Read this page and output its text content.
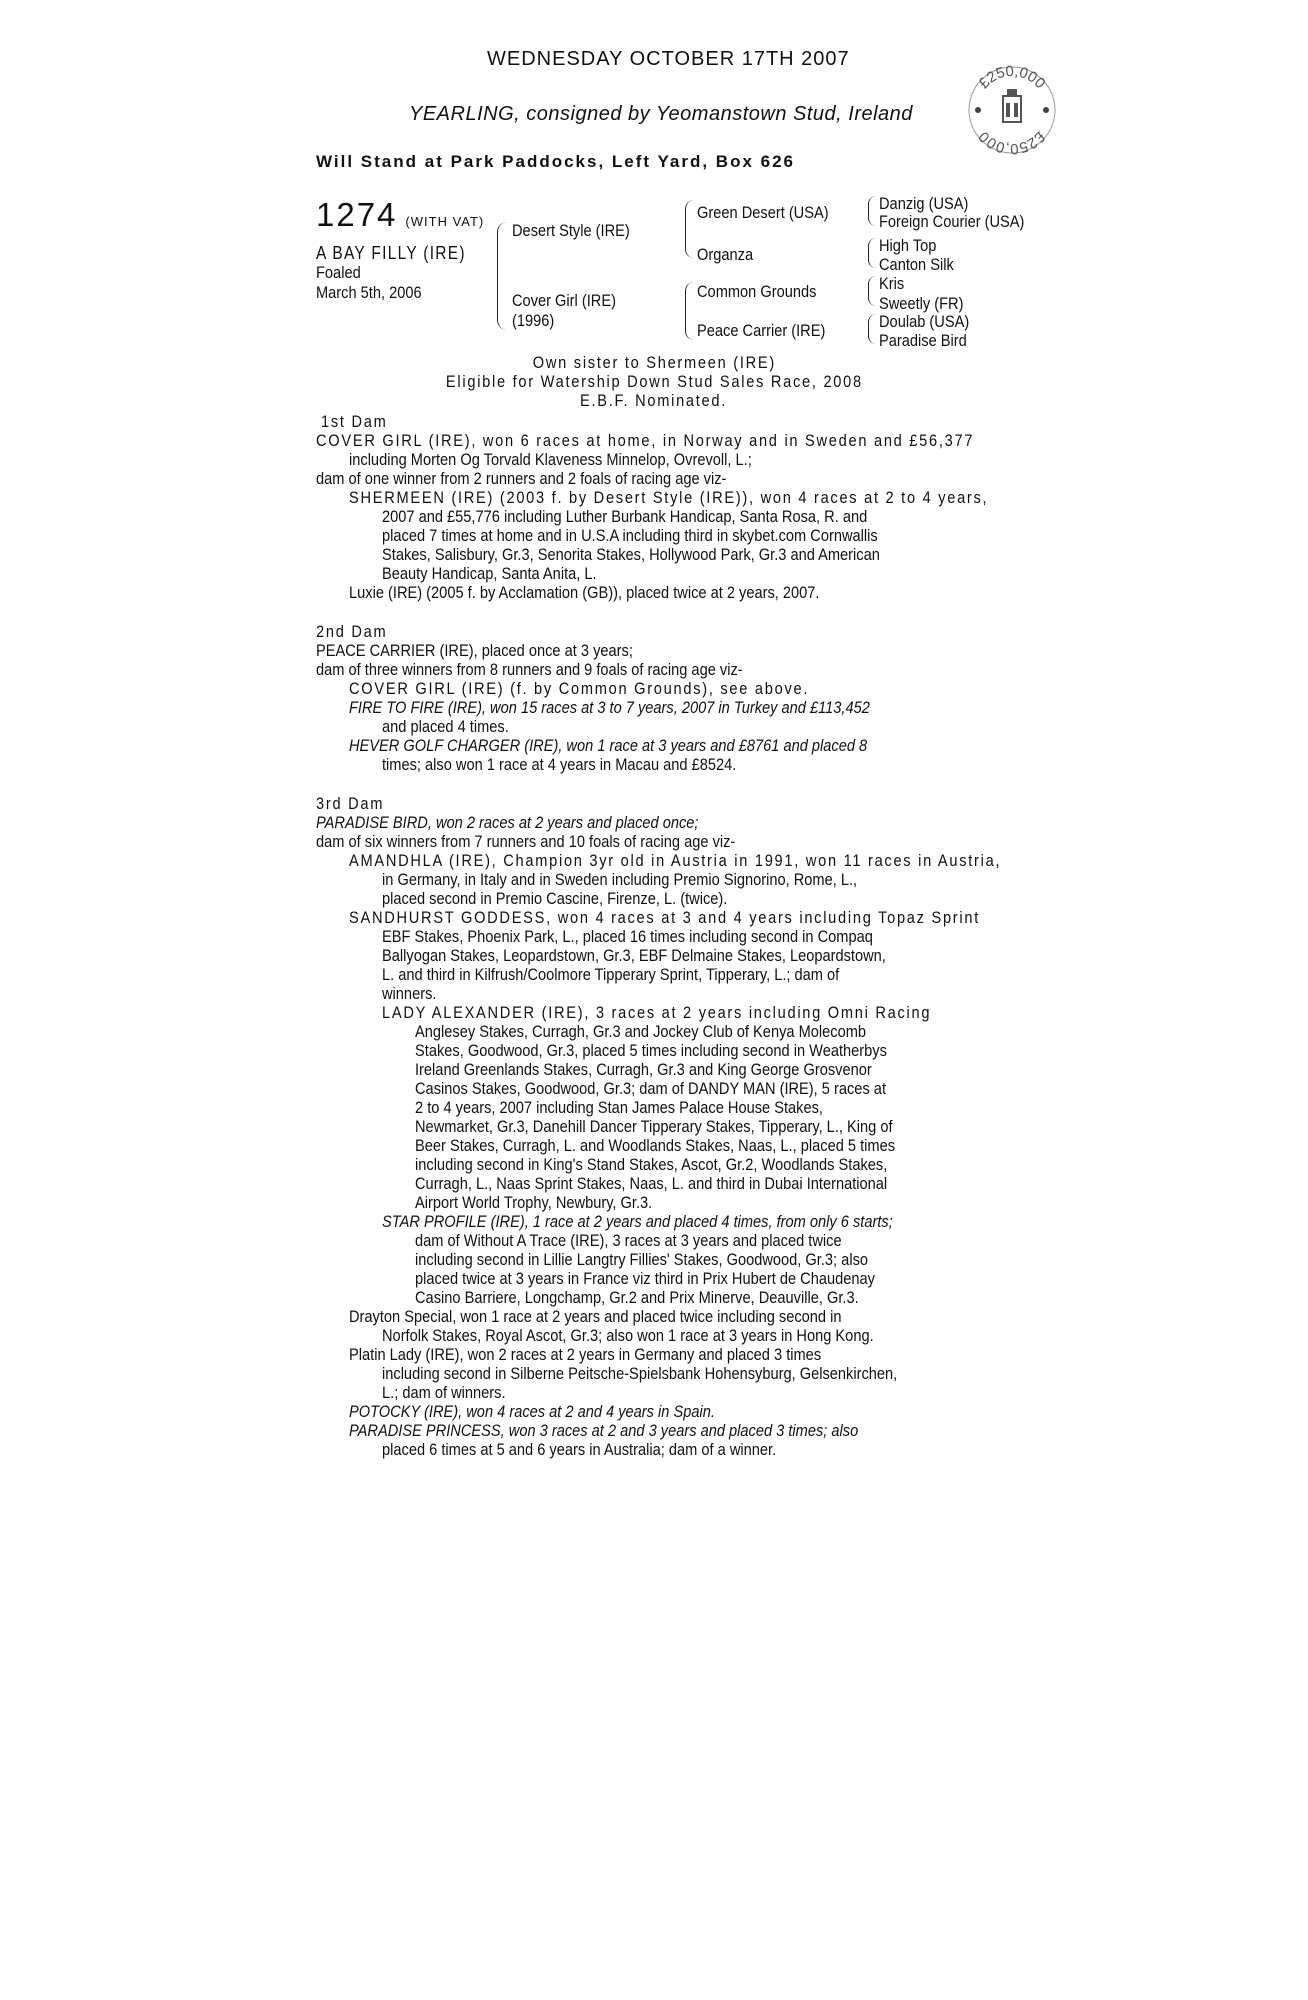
WEDNESDAY OCTOBER 17TH 2007
YEARLING, consigned by Yeomanstown Stud, Ireland
Will Stand at Park Paddocks, Left Yard, Box 626
£250,000
£250,000
1274 (WITH VAT)
A BAY FILLY (IRE)
Foaled
March 5th, 2006
Desert Style (IRE)
Cover Girl (IRE)
(1996)
Green Desert (USA)
Organza
Common Grounds
Peace Carrier (IRE)
Danzig (USA)
Foreign Courier (USA)
High Top
Canton Silk
Kris
Sweetly (FR)
Doulab (USA)
Paradise Bird
Own sister to Shermeen (IRE)
Eligible for Watership Down Stud Sales Race, 2008
E.B.F. Nominated.
1st Dam
COVER GIRL (IRE), won 6 races at home, in Norway and in Sweden and £56,377
including Morten Og Torvald Klaveness Minnelop, Ovrevoll, L.;
dam of one winner from 2 runners and 2 foals of racing age viz-
SHERMEEN (IRE) (2003 f. by Desert Style (IRE)), won 4 races at 2 to 4 years,
2007 and £55,776 including Luther Burbank Handicap, Santa Rosa, R. and
placed 7 times at home and in U.S.A including third in skybet.com Cornwallis
Stakes, Salisbury, Gr.3, Senorita Stakes, Hollywood Park, Gr.3 and American
Beauty Handicap, Santa Anita, L.
Luxie (IRE) (2005 f. by Acclamation (GB)), placed twice at 2 years, 2007.
2nd Dam
PEACE CARRIER (IRE), placed once at 3 years;
dam of three winners from 8 runners and 9 foals of racing age viz-
COVER GIRL (IRE) (f. by Common Grounds), see above.
FIRE TO FIRE (IRE), won 15 races at 3 to 7 years, 2007 in Turkey and £113,452
and placed 4 times.
HEVER GOLF CHARGER (IRE), won 1 race at 3 years and £8761 and placed 8
times; also won 1 race at 4 years in Macau and £8524.
3rd Dam
PARADISE BIRD, won 2 races at 2 years and placed once;
dam of six winners from 7 runners and 10 foals of racing age viz-
AMANDHLA (IRE), Champion 3yr old in Austria in 1991, won 11 races in Austria,
in Germany, in Italy and in Sweden including Premio Signorino, Rome, L.,
placed second in Premio Cascine, Firenze, L. (twice).
SANDHURST GODDESS, won 4 races at 3 and 4 years including Topaz Sprint
EBF Stakes, Phoenix Park, L., placed 16 times including second in Compaq
Ballyogan Stakes, Leopardstown, Gr.3, EBF Delmaine Stakes, Leopardstown,
L. and third in Kilfrush/Coolmore Tipperary Sprint, Tipperary, L.; dam of
winners.
LADY ALEXANDER (IRE), 3 races at 2 years including Omni Racing
Anglesey Stakes, Curragh, Gr.3 and Jockey Club of Kenya Molecomb
Stakes, Goodwood, Gr.3, placed 5 times including second in Weatherbys
Ireland Greenlands Stakes, Curragh, Gr.3 and King George Grosvenor
Casinos Stakes, Goodwood, Gr.3; dam of DANDY MAN (IRE), 5 races at
2 to 4 years, 2007 including Stan James Palace House Stakes,
Newmarket, Gr.3, Danehill Dancer Tipperary Stakes, Tipperary, L., King of
Beer Stakes, Curragh, L. and Woodlands Stakes, Naas, L., placed 5 times
including second in King's Stand Stakes, Ascot, Gr.2, Woodlands Stakes,
Curragh, L., Naas Sprint Stakes, Naas, L. and third in Dubai International
Airport World Trophy, Newbury, Gr.3.
STAR PROFILE (IRE), 1 race at 2 years and placed 4 times, from only 6 starts;
dam of Without A Trace (IRE), 3 races at 3 years and placed twice
including second in Lillie Langtry Fillies' Stakes, Goodwood, Gr.3; also
placed twice at 3 years in France viz third in Prix Hubert de Chaudenay
Casino Barriere, Longchamp, Gr.2 and Prix Minerve, Deauville, Gr.3.
Drayton Special, won 1 race at 2 years and placed twice including second in
Norfolk Stakes, Royal Ascot, Gr.3; also won 1 race at 3 years in Hong Kong.
Platin Lady (IRE), won 2 races at 2 years in Germany and placed 3 times
including second in Silberne Peitsche-Spielsbank Hohensyburg, Gelsenkirchen,
L.; dam of winners.
POTOCKY (IRE), won 4 races at 2 and 4 years in Spain.
PARADISE PRINCESS, won 3 races at 2 and 3 years and placed 3 times; also
placed 6 times at 5 and 6 years in Australia; dam of a winner.
